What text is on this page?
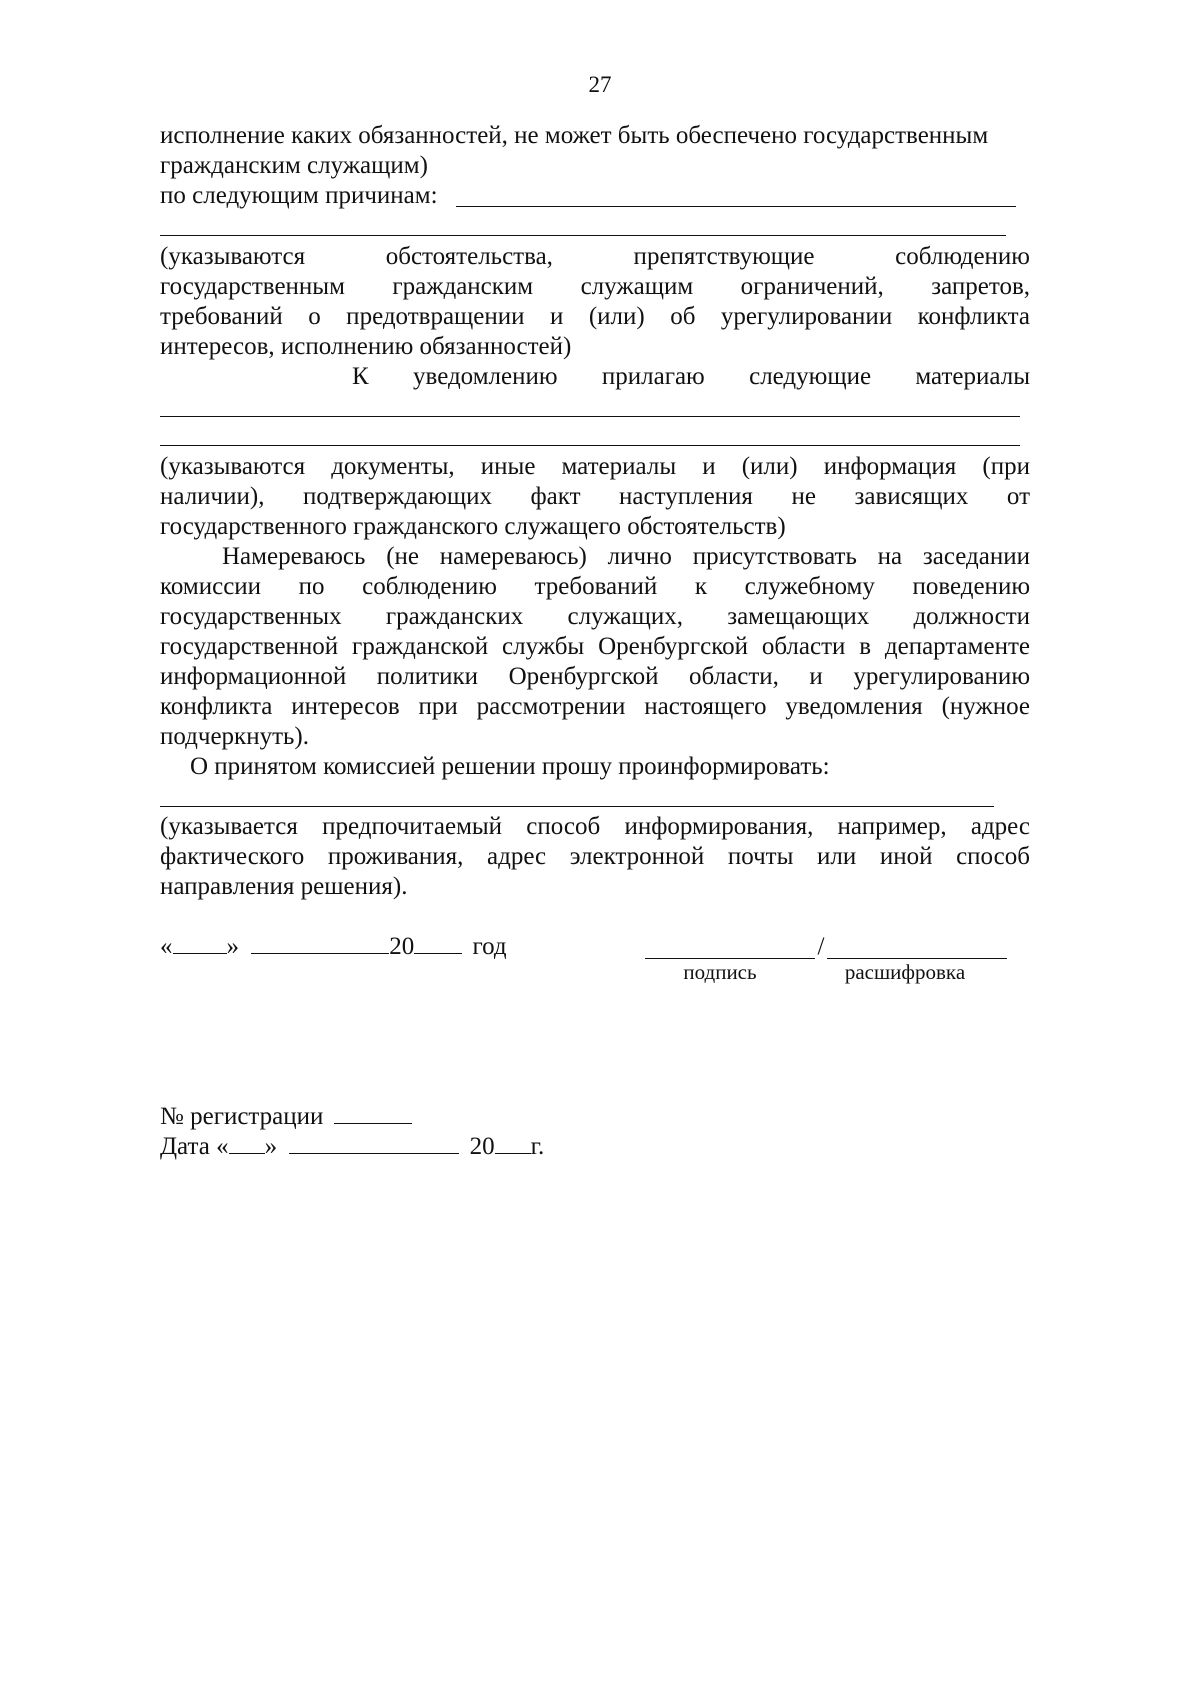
27
исполнение каких обязанностей, не может быть обеспечено государственным
гражданским служащим)
по следующим причинам:
(указываются обстоятельства, препятствующие соблюдению
государственным гражданским служащим ограничений, запретов,
требований о предотвращении и (или) об урегулировании конфликта
интересов, исполнению обязанностей)
К уведомлению прилагаю следующие материалы
(указываются документы, иные материалы и (или) информация (при
наличии), подтверждающих факт наступления не зависящих от
государственного гражданского служащего обстоятельств)
Намереваюсь (не намереваюсь) лично присутствовать на заседании
комиссии по соблюдению требований к служебному поведению
государственных гражданских служащих, замещающих должности
государственной гражданской службы Оренбургской области в департаменте
информационной политики Оренбургской области, и урегулированию
конфликта интересов при рассмотрении настоящего уведомления (нужное
подчеркнуть).
О принятом комиссией решении прошу проинформировать:
(указывается предпочитаемый способ информирования, например, адрес
фактического проживания, адрес электронной почты или иной способ
направления решения).
« »	20 год	/
подпись	расшифровка
№ регистрации
Дата « »	20 г.
